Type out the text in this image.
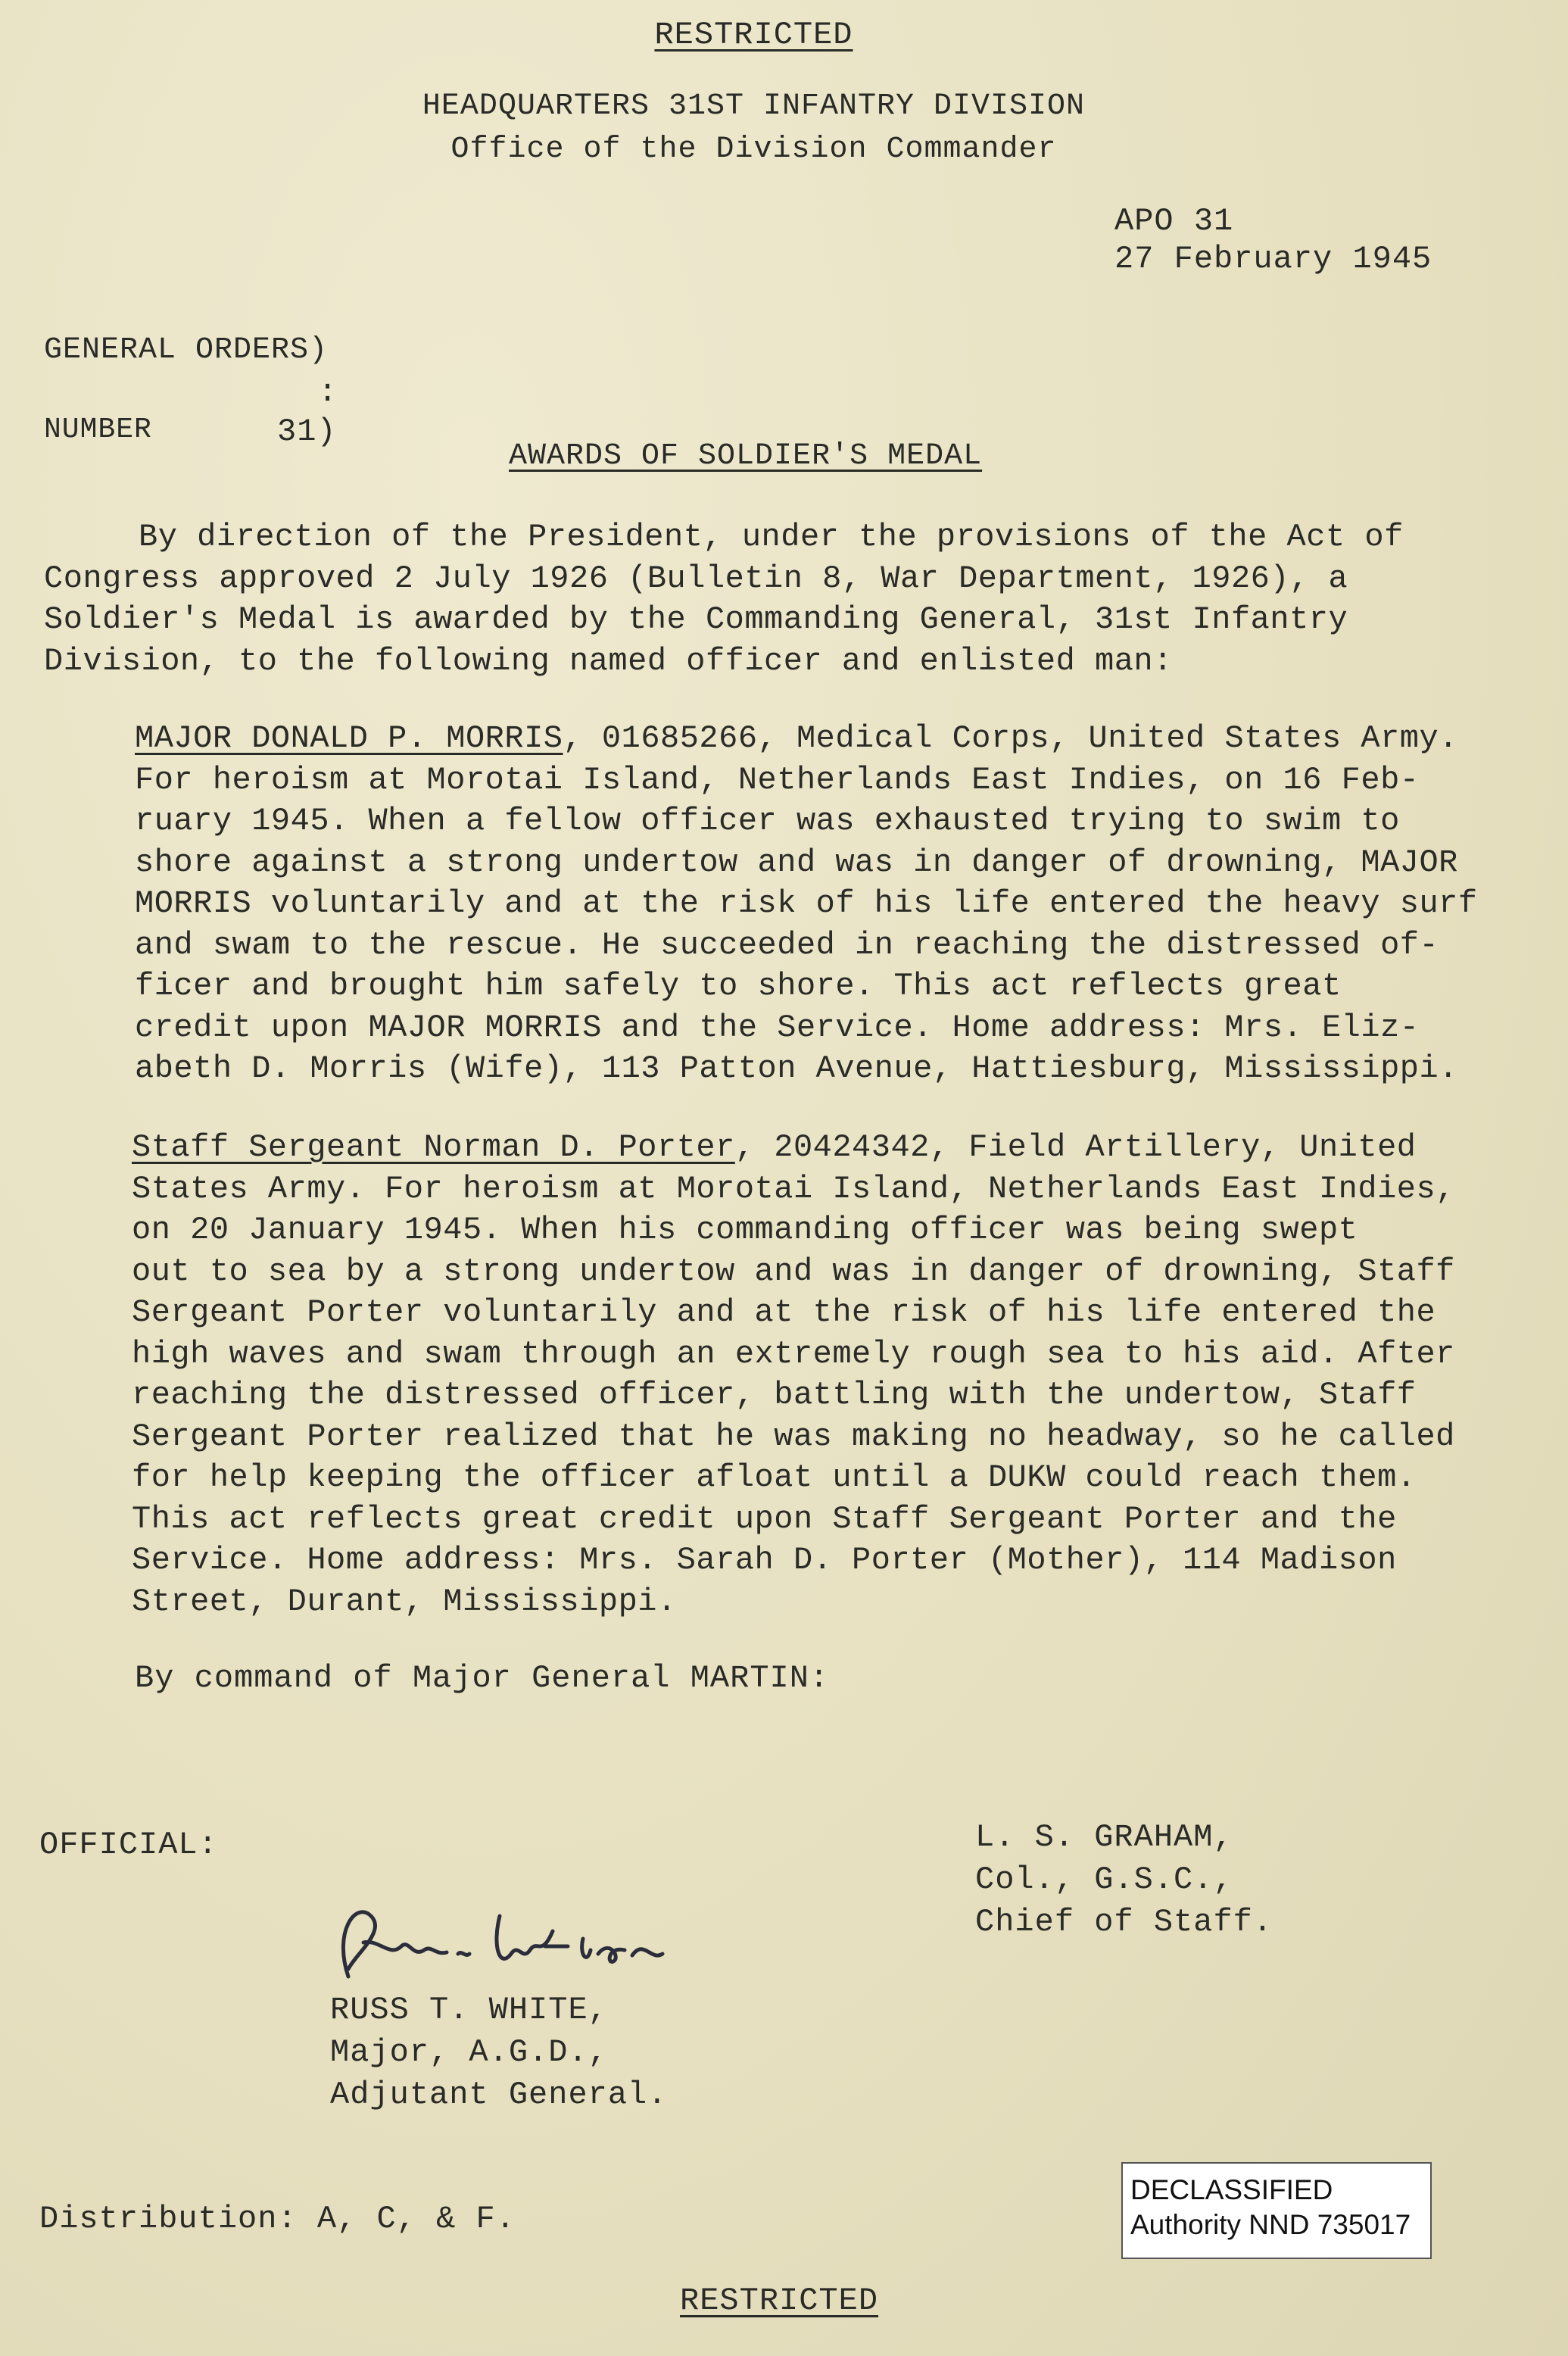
RESTRICTED
HEADQUARTERS 31ST INFANTRY DIVISION
Office of the Division Commander
APO 31
27 February 1945
GENERAL ORDERS)
:
NUMBER	31)
AWARDS OF SOLDIER'S MEDAL
By direction of the President, under the provisions of the Act of
Congress approved 2 July 1926 (Bulletin 8, War Department, 1926), a
Soldier's Medal is awarded by the Commanding General, 31st Infantry
Division, to the following named officer and enlisted man:
MAJOR DONALD P. MORRIS, 01685266, Medical Corps, United States Army.
For heroism at Morotai Island, Netherlands East Indies, on 16 Feb-
ruary 1945. When a fellow officer was exhausted trying to swim to
shore against a strong undertow and was in danger of drowning, MAJOR
MORRIS voluntarily and at the risk of his life entered the heavy surf
and swam to the rescue. He succeeded in reaching the distressed of-
ficer and brought him safely to shore. This act reflects great
credit upon MAJOR MORRIS and the Service. Home address: Mrs. Eliz-
abeth D. Morris (Wife), 113 Patton Avenue, Hattiesburg, Mississippi.
Staff Sergeant Norman D. Porter, 20424342, Field Artillery, United
States Army. For heroism at Morotai Island, Netherlands East Indies,
on 20 January 1945. When his commanding officer was being swept
out to sea by a strong undertow and was in danger of drowning, Staff
Sergeant Porter voluntarily and at the risk of his life entered the
high waves and swam through an extremely rough sea to his aid. After
reaching the distressed officer, battling with the undertow, Staff
Sergeant Porter realized that he was making no headway, so he called
for help keeping the officer afloat until a DUKW could reach them.
This act reflects great credit upon Staff Sergeant Porter and the
Service. Home address: Mrs. Sarah D. Porter (Mother), 114 Madison
Street, Durant, Mississippi.
By command of Major General MARTIN:
L. S. GRAHAM,
Col., G.S.C.,
Chief of Staff.
OFFICIAL:
RUSS T. WHITE,
Major, A.G.D.,
Adjutant General.
Distribution: A, C, & F.
DECLASSIFIED
Authority NND 735017
RESTRICTED
